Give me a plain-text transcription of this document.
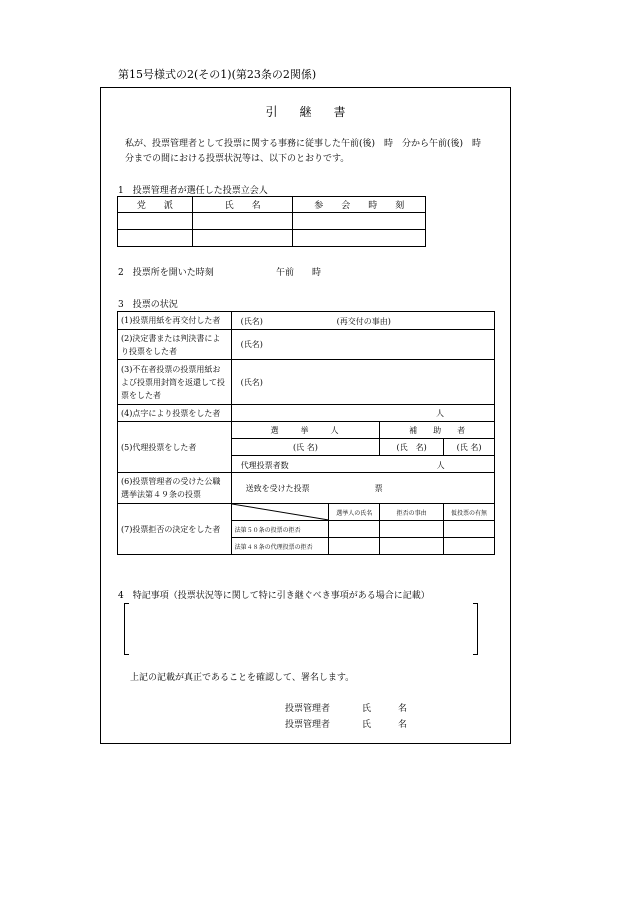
第15号様式の2(その1)(第23条の2関係)
引継書
私が、投票管理者として投票に関する事務に従事した午前(後)　時　分から午前(後)　時　分までの間における投票状況等は、以下のとおりです。
1　投票管理者が選任した投票立会人
党　　派	氏　　名	参　　会　　時　　刻

2　投票所を開いた時刻	午前　　時
3　投票の状況
(1)投票用紙を再交付した者	(氏名) (再交付の事由)			

(2)決定書または判決書により投票をした者	(氏名)			
(3)不在者投票の投票用紙および投票用封筒を返還して投票をした者	(氏名)			
(4)点字により投票をした者	人			
(5)代理投票をした者	選　　挙　　人		補　　助　　者	
	(氏 名)		(氏　名)	(氏 名)

	代理投票者数 人			

(6)投票管理者の受けた公職選挙法第４９条の投票	送致を受けた投票 票			

(7)投票拒否の決定をした者		選挙人の氏名	拒否の事由	仮投票の有無
	法第５０条の投票の拒否			
	法第４８条の代理投票の拒否			
4　特記事項（投票状況等に関して特に引き継ぐべき事項がある場合に記載）
上記の記載が真正であることを確認して、署名します。
投票管理者	氏　　　名
投票管理者	氏　　　名
